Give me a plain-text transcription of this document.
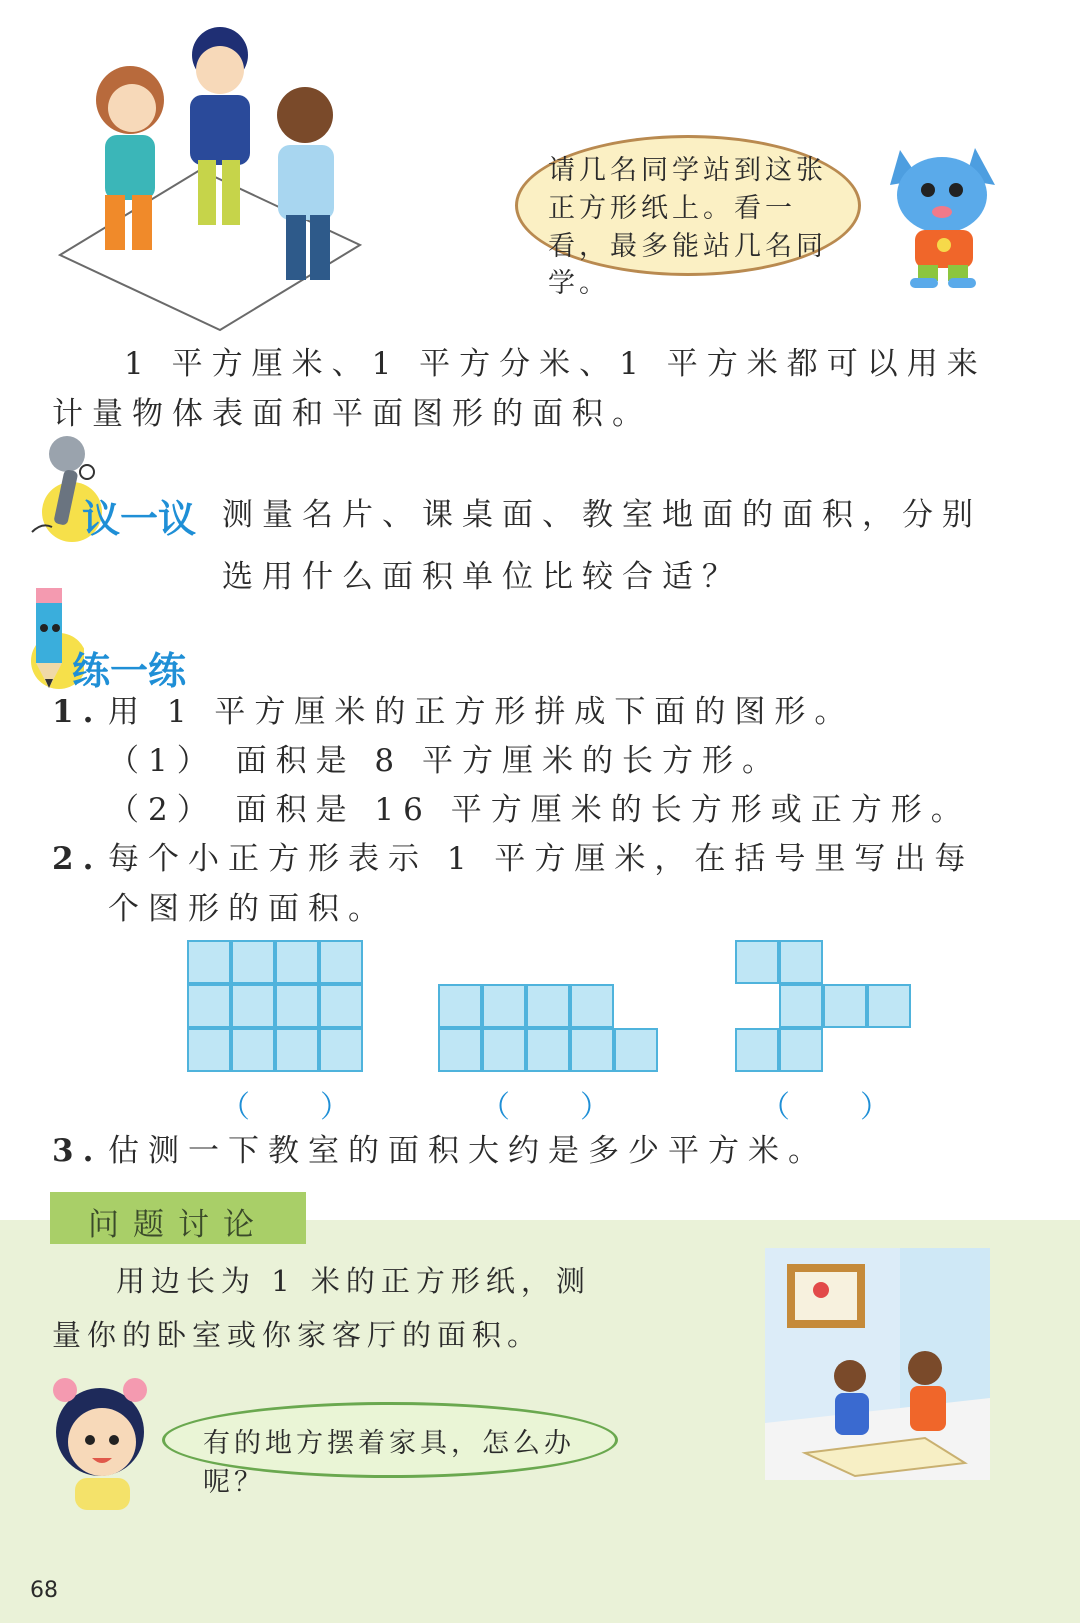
请几名同学站到这张正方形纸上。看一看，最多能站几名同学。
1 平方厘米、1 平方分米、1 平方米都可以用来计量物体表面和平面图形的面积。
议一议 测量名片、课桌面、教室地面的面积，分别选用什么面积单位比较合适？
练一练
1. 用 1 平方厘米的正方形拼成下面的图形。
（1） 面积是 8 平方厘米的长方形。
（2） 面积是 16 平方厘米的长方形或正方形。
2. 每个小正方形表示 1 平方厘米，在括号里写出每个图形的面积。
（ ）	（ ）	（ ）
3. 估测一下教室的面积大约是多少平方米。
问题讨论
用边长为 1 米的正方形纸，测量你的卧室或你家客厅的面积。
有的地方摆着家具，怎么办呢？
68
